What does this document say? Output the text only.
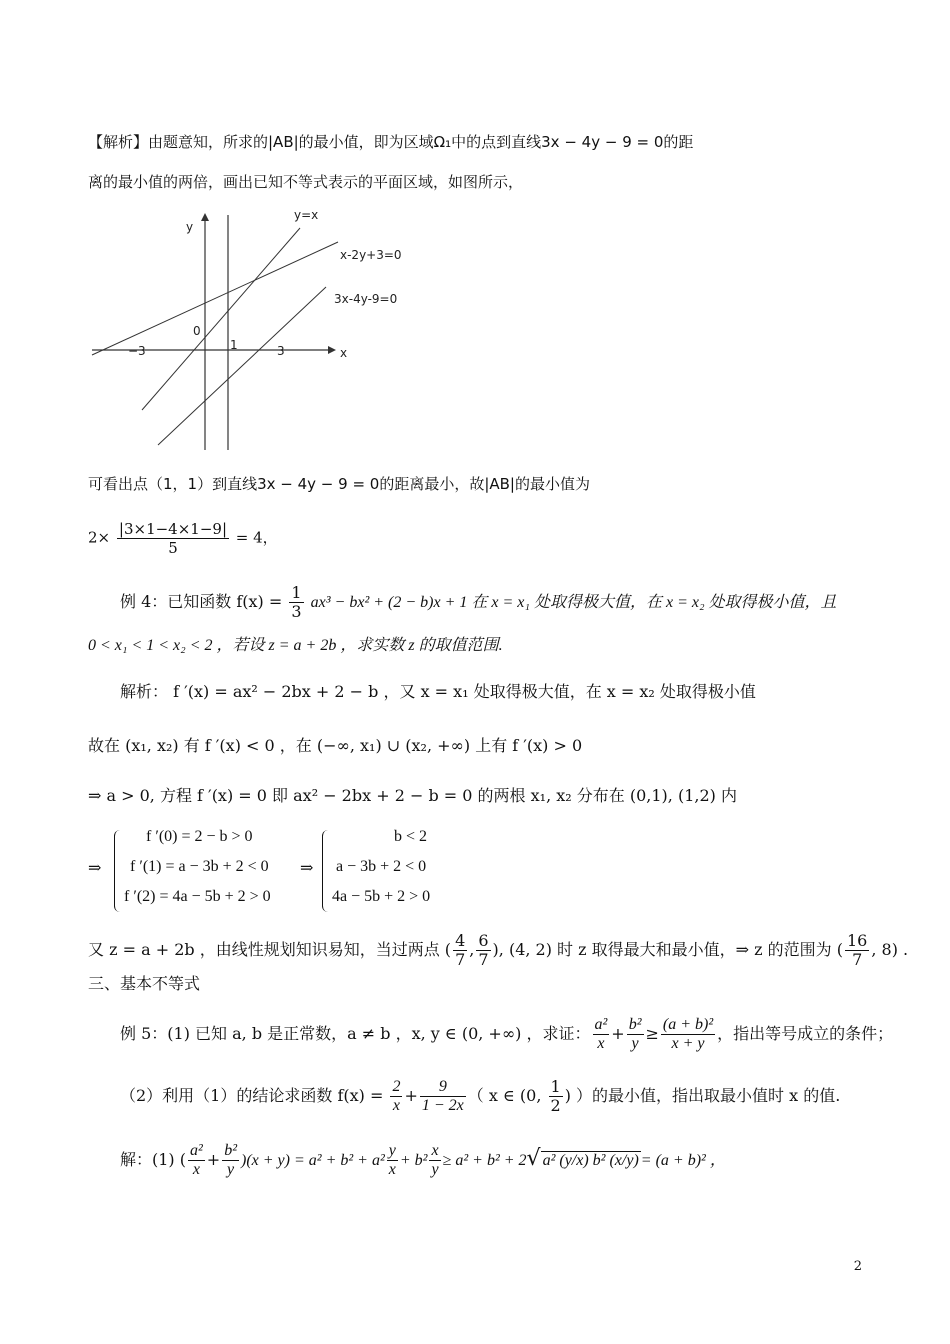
【解析】由题意知，所求的|AB|的最小值，即为区域Ω₁中的点到直线3x − 4y − 9 = 0的距
离的最小值的两倍，画出已知不等式表示的平面区域，如图所示，
y
x
0
−3	1	3
y=x
x-2y+3=0
3x-4y-9=0
可看出点（1，1）到直线3x − 4y − 9 = 0的距离最小，故|AB|的最小值为
$2\times \frac{|3\times 1-4\times 1-9|}{5} = 4$，
例 4：已知函数 $f(x) = \frac{1}{3} ax^3 - bx^2 + (2 - b)x + 1$ 在 x = x₁ 处取得极大值，在 x = x₂ 处取得极小值，且
0 < x₁ < 1 < x₂ < 2 ，若设 z = a + 2b ，求实数 z 的取值范围.
解析： f ′(x) = ax² − 2bx + 2 − b ，又 x = x₁ 处取得极大值，在 x = x₂ 处取得极小值
故在 (x₁, x₂) 有 f ′(x) < 0 ，在 (−∞, x₁) ∪ (x₂, +∞) 上有 f ′(x) > 0
⇒ a > 0, 方程 f ′(x) = 0 即 ax² − 2bx + 2 − b = 0 的两根 x₁, x₂ 分布在 (0,1), (1,2) 内
⇒
f ′(0) = 2 − b > 0
f ′(1) = a − 3b + 2 < 0
f ′(2) = 4a − 5b + 2 > 0
⇒
b < 2
a − 3b + 2 < 0
4a − 5b + 2 > 0
又 z = a + 2b ，由线性规划知识易知，当过两点 ( $\frac{4}{7}$ , $\frac{6}{7}$ ), (4, 2) 时 z 取得最大和最小值，⇒ z 的范围为 ( $\frac{16}{7}$ , 8) .
三、基本不等式
例 5：(1) 已知 a, b 是正常数，a ≠ b ，x, y ∈ (0, +∞) ，求证： $\frac{\text{a²}}{x} + \frac{\text{b²}}{y} \ge \frac{\text{(a + b)²}}{x + y}$ ，指出等号成立的条件；
（2）利用（1）的结论求函数 $f(x) = \frac{2}{x} + \frac{9}{1 - 2x}$ （ x ∈ (0, $\frac{1}{2}$ ) ）的最小值，指出取最小值时 x 的值.
解：(1) ( $\frac{\text{a²}}{x} + \frac{\text{b²}}{y} )(x + y) = a^2 + b^2 + a^2 \frac{y}{x} + b^2 \frac{x}{y} \ge a^2 + b^2 + 2√$ a² (y/x) b² (x/y) = (a + b)² ，
2
